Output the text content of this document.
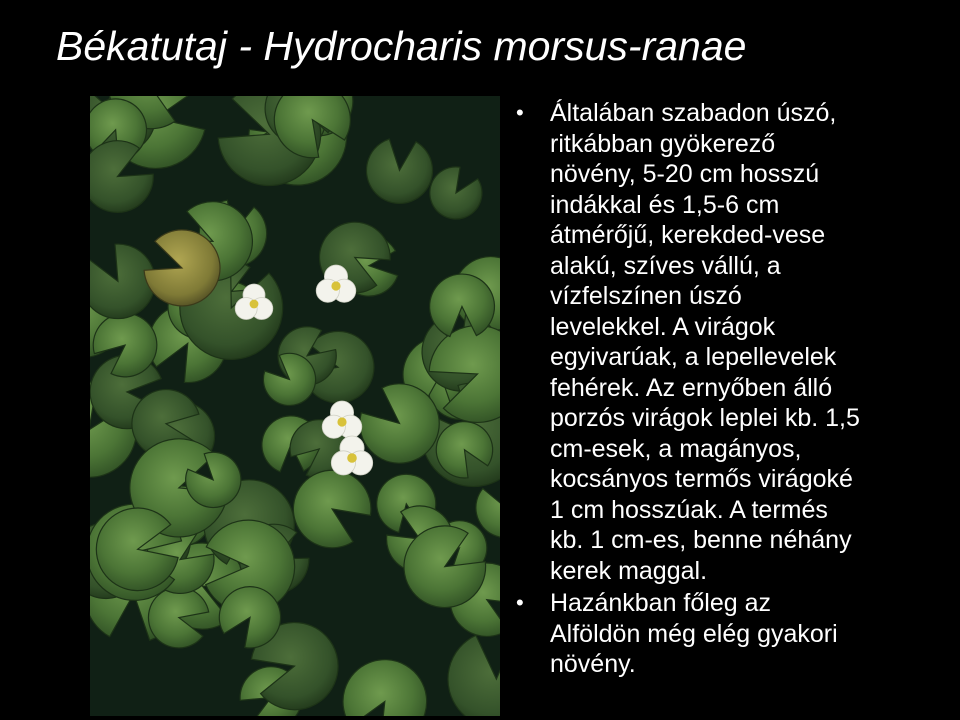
Békatutaj - Hydrocharis morsus-ranae
• Általában szabadon úszó,
ritkábban gyökerező
növény, 5-20 cm hosszú
indákkal és 1,5-6 cm
átmérőjű, kerekded-vese
alakú, szíves vállú, a
vízfelszínen úszó
levelekkel. A virágok
egyivarúak, a lepellevelek
fehérek. Az ernyőben álló
porzós virágok leplei kb. 1,5
cm-esek, a magányos,
kocsányos termős virágoké
1 cm hosszúak. A termés
kb. 1 cm-es, benne néhány
kerek maggal.
• Hazánkban főleg az
Alföldön még elég gyakori
növény.
